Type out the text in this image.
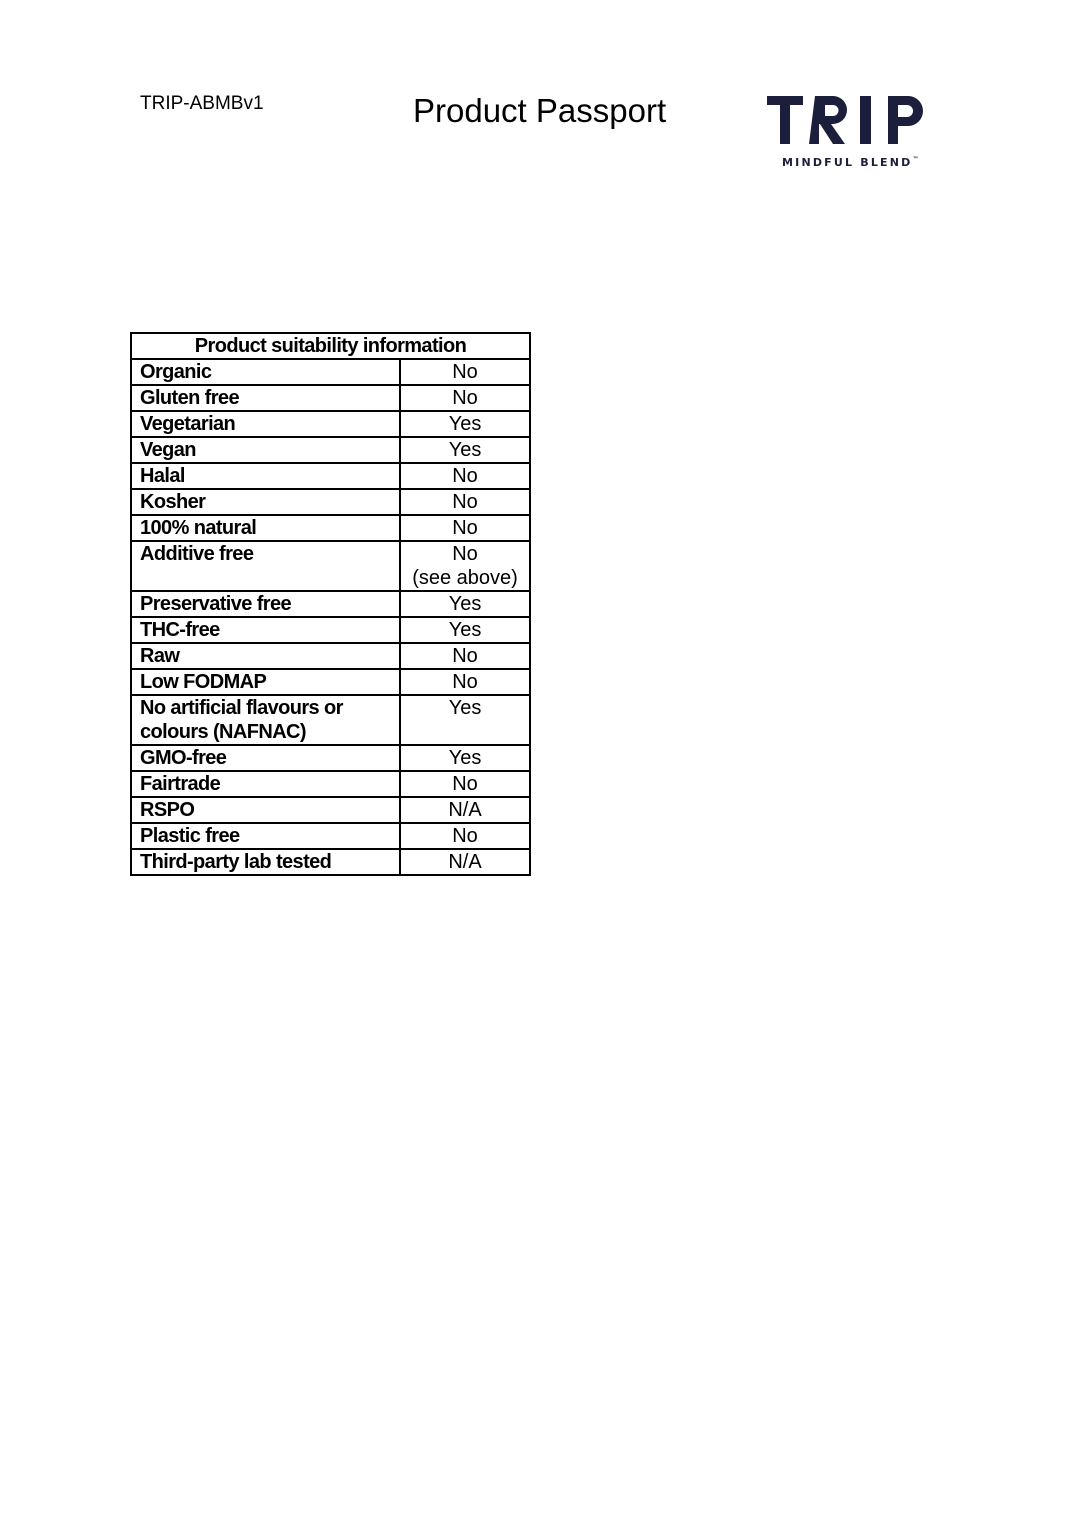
TRIP-ABMBv1	Product Passport
MINDFUL BLEND™
Product suitability information	
Organic	No

Gluten free	No

Vegetarian	Yes

Vegan	Yes

Halal	No

Kosher	No

100% natural	No

Additive free	No
(see above)

Preservative free	Yes

THC-free	Yes

Raw	No

Low FODMAP	No

No artificial flavours or colours (NAFNAC)	Yes

GMO-free	Yes

Fairtrade	No

RSPO	N/A

Plastic free	No

Third-party lab tested	N/A
